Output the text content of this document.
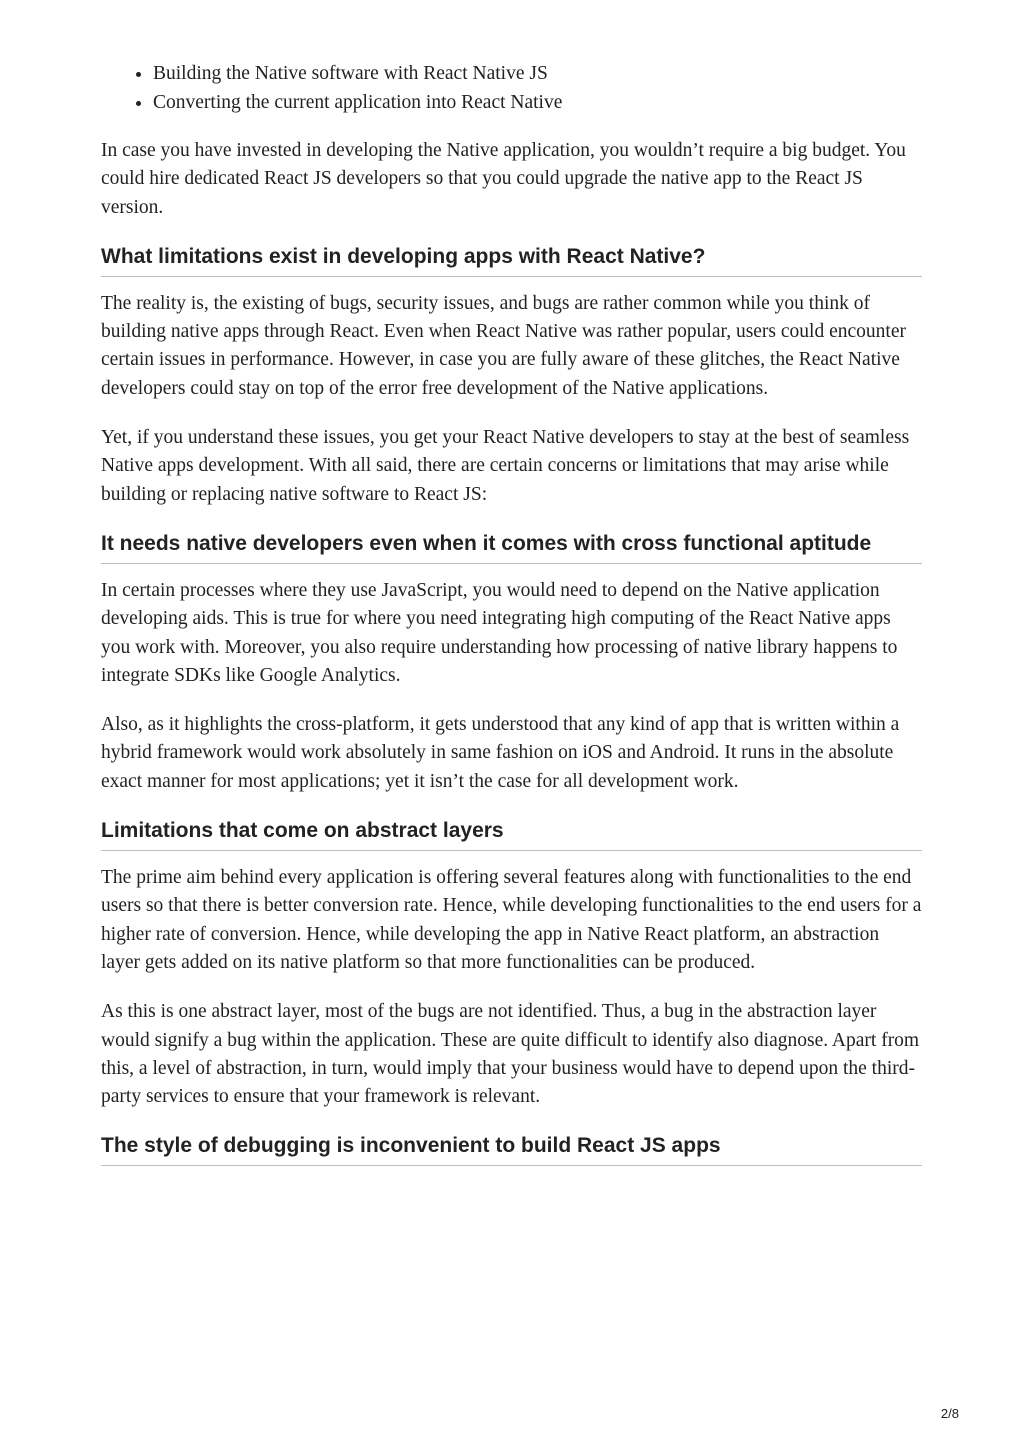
• Building the Native software with React Native JS
• Converting the current application into React Native

In case you have invested in developing the Native application, you wouldn’t require a big budget. You could hire dedicated React JS developers so that you could upgrade the native app to the React JS version.

What limitations exist in developing apps with React Native?

The reality is, the existing of bugs, security issues, and bugs are rather common while you think of building native apps through React. Even when React Native was rather popular, users could encounter certain issues in performance. However, in case you are fully aware of these glitches, the React Native developers could stay on top of the error free development of the Native applications.

Yet, if you understand these issues, you get your React Native developers to stay at the best of seamless Native apps development. With all said, there are certain concerns or limitations that may arise while building or replacing native software to React JS:

It needs native developers even when it comes with cross functional aptitude

In certain processes where they use JavaScript, you would need to depend on the Native application developing aids. This is true for where you need integrating high computing of the React Native apps you work with. Moreover, you also require understanding how processing of native library happens to integrate SDKs like Google Analytics.

Also, as it highlights the cross-platform, it gets understood that any kind of app that is written within a hybrid framework would work absolutely in same fashion on iOS and Android. It runs in the absolute exact manner for most applications; yet it isn’t the case for all development work.

Limitations that come on abstract layers

The prime aim behind every application is offering several features along with functionalities to the end users so that there is better conversion rate. Hence, while developing functionalities to the end users for a higher rate of conversion. Hence, while developing the app in Native React platform, an abstraction layer gets added on its native platform so that more functionalities can be produced.

As this is one abstract layer, most of the bugs are not identified. Thus, a bug in the abstraction layer would signify a bug within the application. These are quite difficult to identify also diagnose. Apart from this, a level of abstraction, in turn, would imply that your business would have to depend upon the third-party services to ensure that your framework is relevant.

The style of debugging is inconvenient to build React JS apps
2/8
